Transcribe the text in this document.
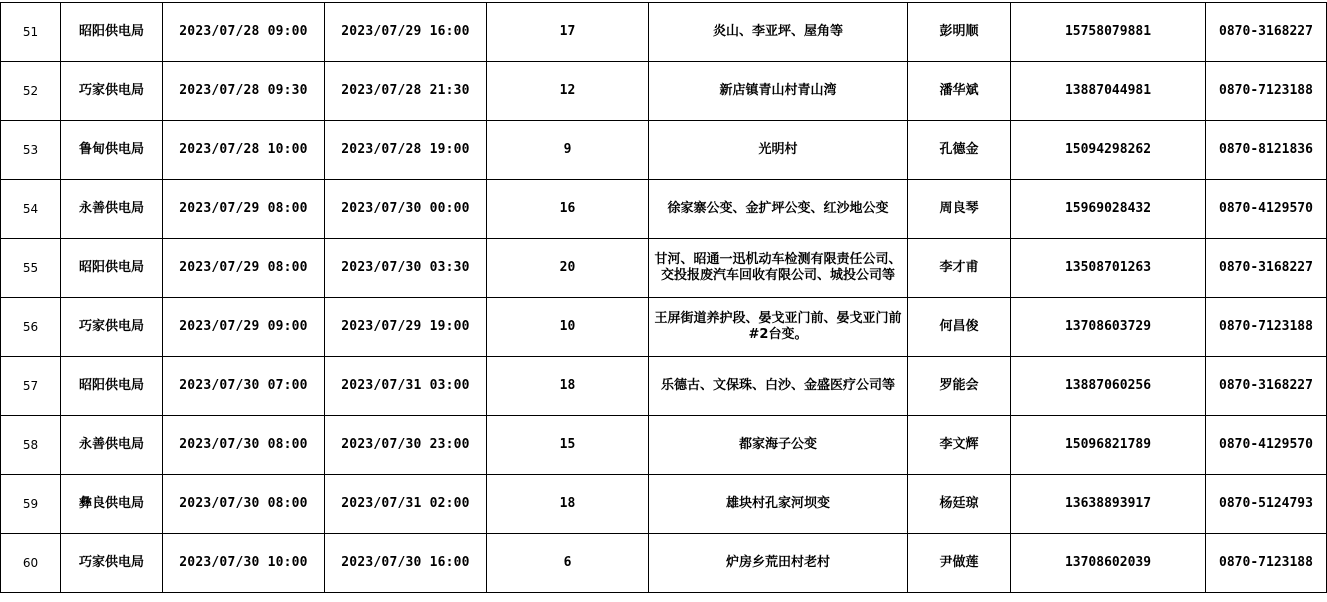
51	昭阳供电局	2023/07/28 09:00	2023/07/29 16:00	17	炎山、李亚坪、屋角等	彭明顺	15758079881	0870-3168227
52	巧家供电局	2023/07/28 09:30	2023/07/28 21:30	12	新店镇青山村青山湾	潘华斌	13887044981	0870-7123188
53	鲁甸供电局	2023/07/28 10:00	2023/07/28 19:00	9	光明村	孔德金	15094298262	0870-8121836
54	永善供电局	2023/07/29 08:00	2023/07/30 00:00	16	徐家寨公变、金扩坪公变、红沙地公变	周良琴	15969028432	0870-4129570
55	昭阳供电局	2023/07/29 08:00	2023/07/30 03:30	20	甘河、昭通一迅机动车检测有限责任公司、交投报废汽车回收有限公司、城投公司等	李才甫	13508701263	0870-3168227
56	巧家供电局	2023/07/29 09:00	2023/07/29 19:00	10	王屏街道养护段、晏戈亚门前、晏戈亚门前#2台变。	何昌俊	13708603729	0870-7123188
57	昭阳供电局	2023/07/30 07:00	2023/07/31 03:00	18	乐德古、文保珠、白沙、金盛医疗公司等	罗能会	13887060256	0870-3168227
58	永善供电局	2023/07/30 08:00	2023/07/30 23:00	15	都家海子公变	李文辉	15096821789	0870-4129570
59	彝良供电局	2023/07/30 08:00	2023/07/31 02:00	18	雄块村孔家河坝变	杨廷琼	13638893917	0870-5124793
60	巧家供电局	2023/07/30 10:00	2023/07/30 16:00	6	炉房乡荒田村老村	尹做莲	13708602039	0870-7123188
